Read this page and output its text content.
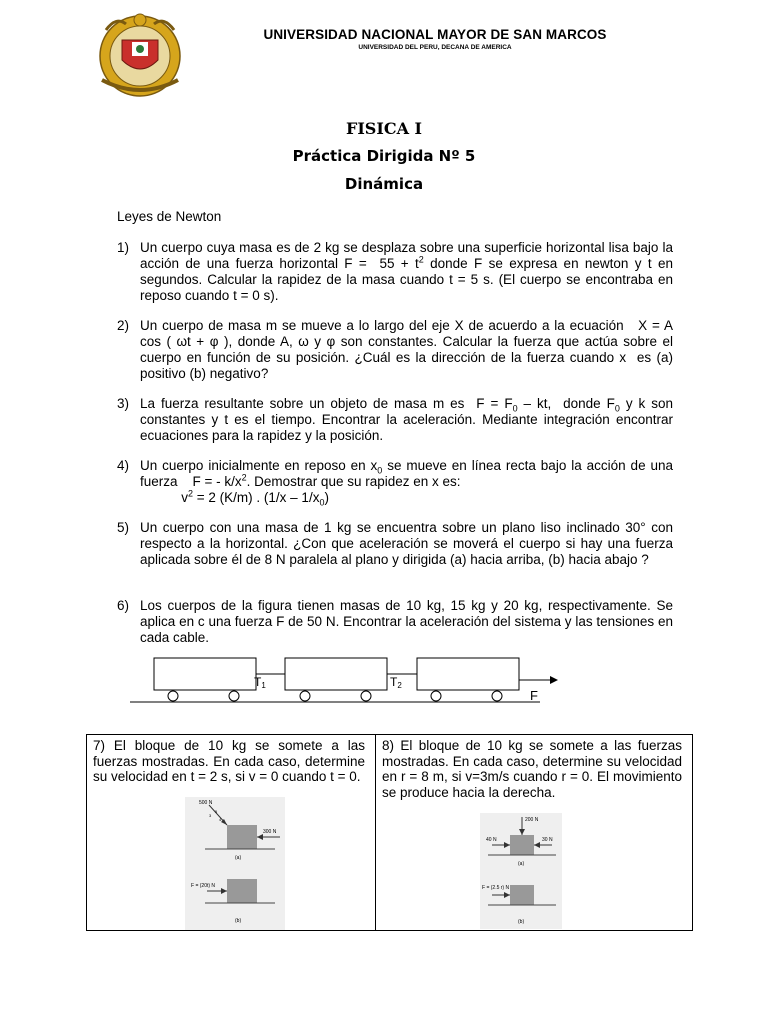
UNIVERSIDAD NACIONAL MAYOR DE SAN MARCOS
UNIVERSIDAD DEL PERU, DECANA DE AMERICA
FISICA I
Práctica Dirigida Nº 5
Dinámica
Leyes de Newton
1) Un cuerpo cuya masa es de 2 kg se desplaza sobre una superficie horizontal lisa bajo la acción de una fuerza horizontal $F = 55 + t^2$ donde F se expresa en newton y t en segundos. Calcular la rapidez de la masa cuando t = 5 s. (El cuerpo se encontraba en reposo cuando t = 0 s).
2) Un cuerpo de masa m se mueve a lo largo del eje X de acuerdo a la ecuación   X = A cos ( ωt + φ ), donde A, ω y φ son constantes. Calcular la fuerza que actúa sobre el cuerpo en función de su posición. ¿Cuál es la dirección de la fuerza cuando x  es (a) positivo (b) negativo?
3) La fuerza resultante sobre un objeto de masa m es  $F = F_0$ – kt,  donde $F_0$ y k son constantes y t es el tiempo. Encontrar la aceleración. Mediante integración encontrar ecuaciones para la rapidez y la posición.
4) Un cuerpo inicialmente en reposo en $x_0$ se mueve en línea recta bajo la acción de una fuerza    F = - $k/x^2$. Demostrar que su rapidez en x es:
$v^2 = 2$ (K/m) . $(1/x - 1/x_0)$
5) Un cuerpo con una masa de 1 kg se encuentra sobre un plano liso inclinado 30° con respecto a la horizontal. ¿Con que aceleración se moverá el cuerpo si hay una fuerza aplicada sobre él de 8 N paralela al plano y dirigida (a) hacia arriba, (b) hacia abajo ?
6) Los cuerpos de la figura tienen masas de 10 kg, 15 kg y 20 kg, respectivamente. Se aplica en c una fuerza F de 50 N. Encontrar la aceleración del sistema y las tensiones en cada cable.
T1	T2
F
7) El bloque de 10 kg se somete a las fuerzas mostradas. En cada caso, determine su velocidad en t = 2 s, si v = 0 cuando t = 0.
500 N
300 N
3
5
4
(a)
F = (20t) N
(b)
8) El bloque de 10 kg se somete a las fuerzas mostradas. En cada caso, determine su velocidad en r = 8 m, si v=3m/s cuando r = 0. El movimiento se produce hacia la derecha.
200 N
40 N	30 N
(a)
F = (2.5 r) N
(b)
